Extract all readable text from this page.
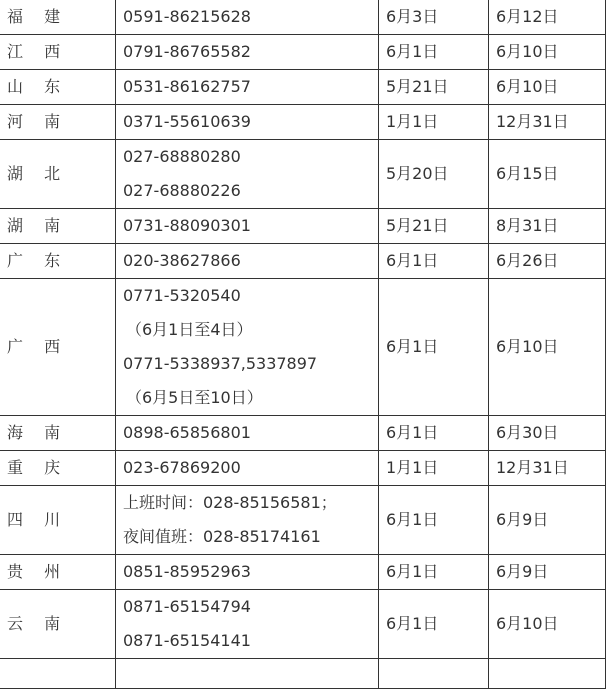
福 建	0591-86215628	6月3日	6月12日
江 西	0791-86765582	6月1日	6月10日
山 东	0531-86162757	5月21日	6月10日
河 南	0371-55610639	1月1日	12月31日
湖 北	027-68880280
027-68880226	5月20日	6月15日
湖 南	0731-88090301	5月21日	8月31日
广 东	020-38627866	6月1日	6月26日
广 西	0771-5320540
（6月1日至4日）
0771-5338937,5337897
（6月5日至10日）	6月1日	6月10日
海 南	0898-65856801	6月1日	6月30日
重 庆	023-67869200	1月1日	12月31日
四 川	上班时间：028-85156581；
夜间值班：028-85174161	6月1日	6月9日
贵 州	0851-85952963	6月1日	6月9日
云 南	0871-65154794
0871-65154141	6月1日	6月10日
